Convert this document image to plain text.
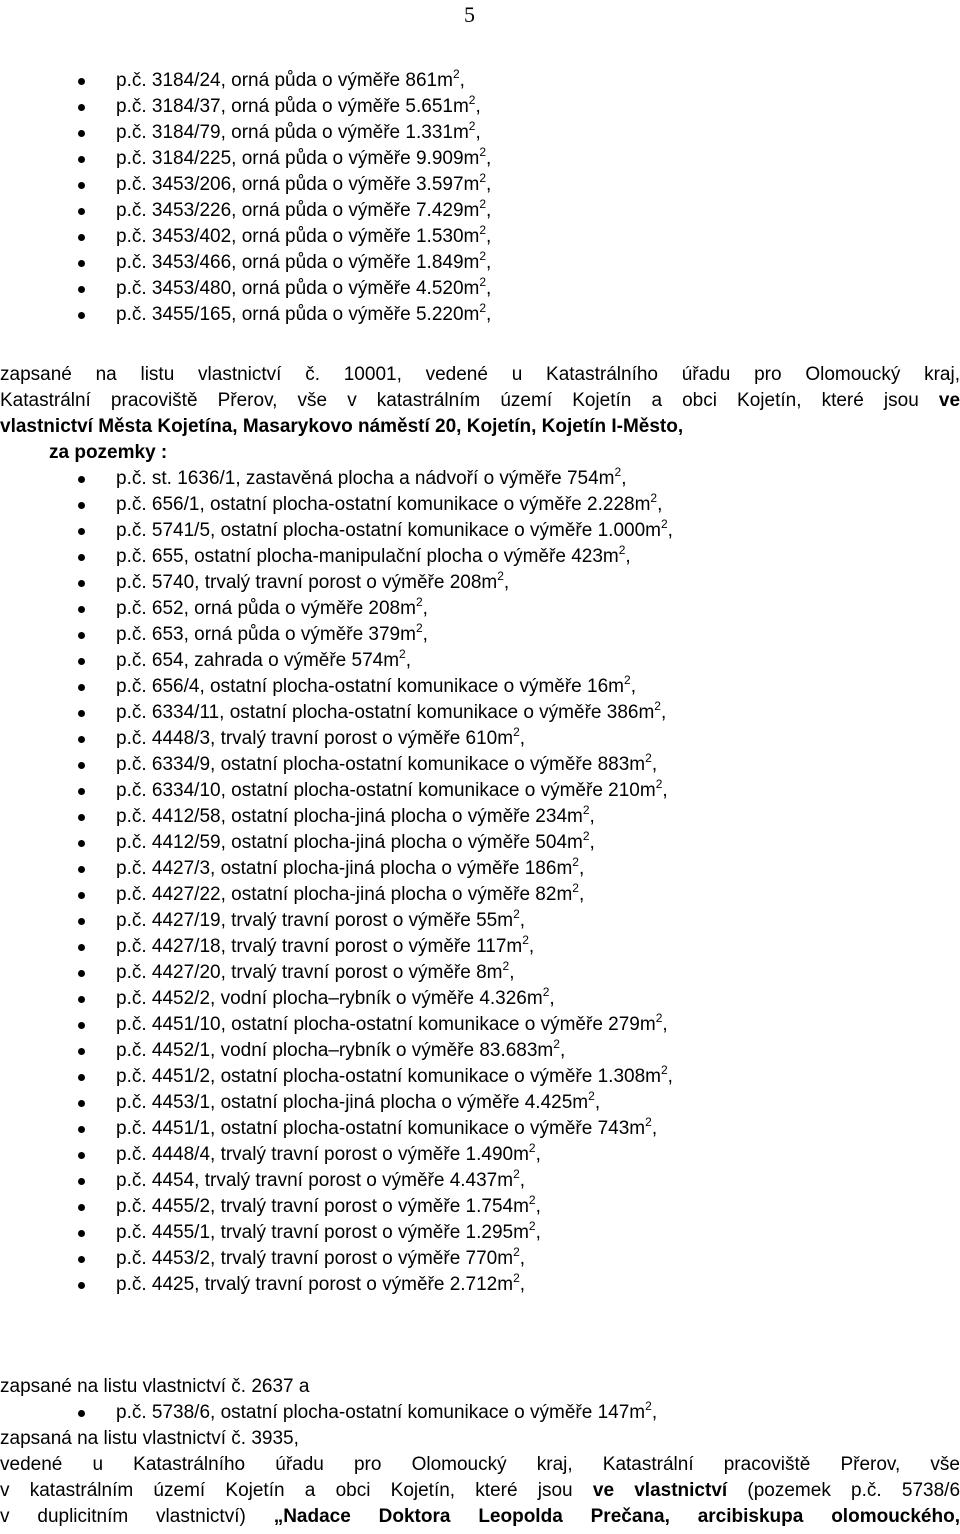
5
p.č. 3184/24, orná půda o výměře $861m^2$,
p.č. 3184/37, orná půda o výměře $5.651m^2$,
p.č. 3184/79, orná půda o výměře $1.331m^2$,
p.č. 3184/225, orná půda o výměře $9.909m^2$,
p.č. 3453/206, orná půda o výměře $3.597m^2$,
p.č. 3453/226, orná půda o výměře $7.429m^2$,
p.č. 3453/402, orná půda o výměře $1.530m^2$,
p.č. 3453/466, orná půda o výměře $1.849m^2$,
p.č. 3453/480, orná půda o výměře $4.520m^2$,
p.č. 3455/165, orná půda o výměře $5.220m^2$,
zapsané na listu vlastnictví č. 10001, vedené u Katastrálního úřadu pro Olomoucký kraj,
Katastrální pracoviště Přerov, vše v katastrálním území Kojetín a obci Kojetín, které jsou ve
vlastnictví Města Kojetína, Masarykovo náměstí 20, Kojetín, Kojetín I-Město,
za pozemky :
p.č. st. 1636/1, zastavěná plocha a nádvoří o výměře $754m^2$,
p.č. 656/1, ostatní plocha-ostatní komunikace o výměře $2.228m^2$,
p.č. 5741/5, ostatní plocha-ostatní komunikace o výměře $1.000m^2$,
p.č. 655, ostatní plocha-manipulační plocha o výměře $423m^2$,
p.č. 5740, trvalý travní porost o výměře $208m^2$,
p.č. 652, orná půda o výměře $208m^2$,
p.č. 653, orná půda o výměře $379m^2$,
p.č. 654, zahrada o výměře $574m^2$,
p.č. 656/4, ostatní plocha-ostatní komunikace o výměře $16m^2$,
p.č. 6334/11, ostatní plocha-ostatní komunikace o výměře $386m^2$,
p.č. 4448/3, trvalý travní porost o výměře $610m^2$,
p.č. 6334/9, ostatní plocha-ostatní komunikace o výměře $883m^2$,
p.č. 6334/10, ostatní plocha-ostatní komunikace o výměře $210m^2$,
p.č. 4412/58, ostatní plocha-jiná plocha o výměře $234m^2$,
p.č. 4412/59, ostatní plocha-jiná plocha o výměře $504m^2$,
p.č. 4427/3, ostatní plocha-jiná plocha o výměře $186m^2$,
p.č. 4427/22, ostatní plocha-jiná plocha o výměře $82m^2$,
p.č. 4427/19, trvalý travní porost o výměře $55m^2$,
p.č. 4427/18, trvalý travní porost o výměře $117m^2$,
p.č. 4427/20, trvalý travní porost o výměře $8m^2$,
p.č. 4452/2, vodní plocha–rybník o výměře $4.326m^2$,
p.č. 4451/10, ostatní plocha-ostatní komunikace o výměře $279m^2$,
p.č. 4452/1, vodní plocha–rybník o výměře $83.683m^2$,
p.č. 4451/2, ostatní plocha-ostatní komunikace o výměře $1.308m^2$,
p.č. 4453/1, ostatní plocha-jiná plocha o výměře $4.425m^2$,
p.č. 4451/1, ostatní plocha-ostatní komunikace o výměře $743m^2$,
p.č. 4448/4, trvalý travní porost o výměře $1.490m^2$,
p.č. 4454, trvalý travní porost o výměře $4.437m^2$,
p.č. 4455/2, trvalý travní porost o výměře $1.754m^2$,
p.č. 4455/1, trvalý travní porost o výměře $1.295m^2$,
p.č. 4453/2, trvalý travní porost o výměře $770m^2$,
p.č. 4425, trvalý travní porost o výměře $2.712m^2$,
zapsané na listu vlastnictví č. 2637 a
p.č. 5738/6, ostatní plocha-ostatní komunikace o výměře $147m^2$,
zapsaná na listu vlastnictví č. 3935,
vedené u Katastrálního úřadu pro Olomoucký kraj, Katastrální pracoviště Přerov, vše
v katastrálním území Kojetín a obci Kojetín, které jsou ve vlastnictví (pozemek p.č. 5738/6
v duplicitním vlastnictví) „Nadace Doktora Leopolda Prečana, arcibiskupa olomouckého,
